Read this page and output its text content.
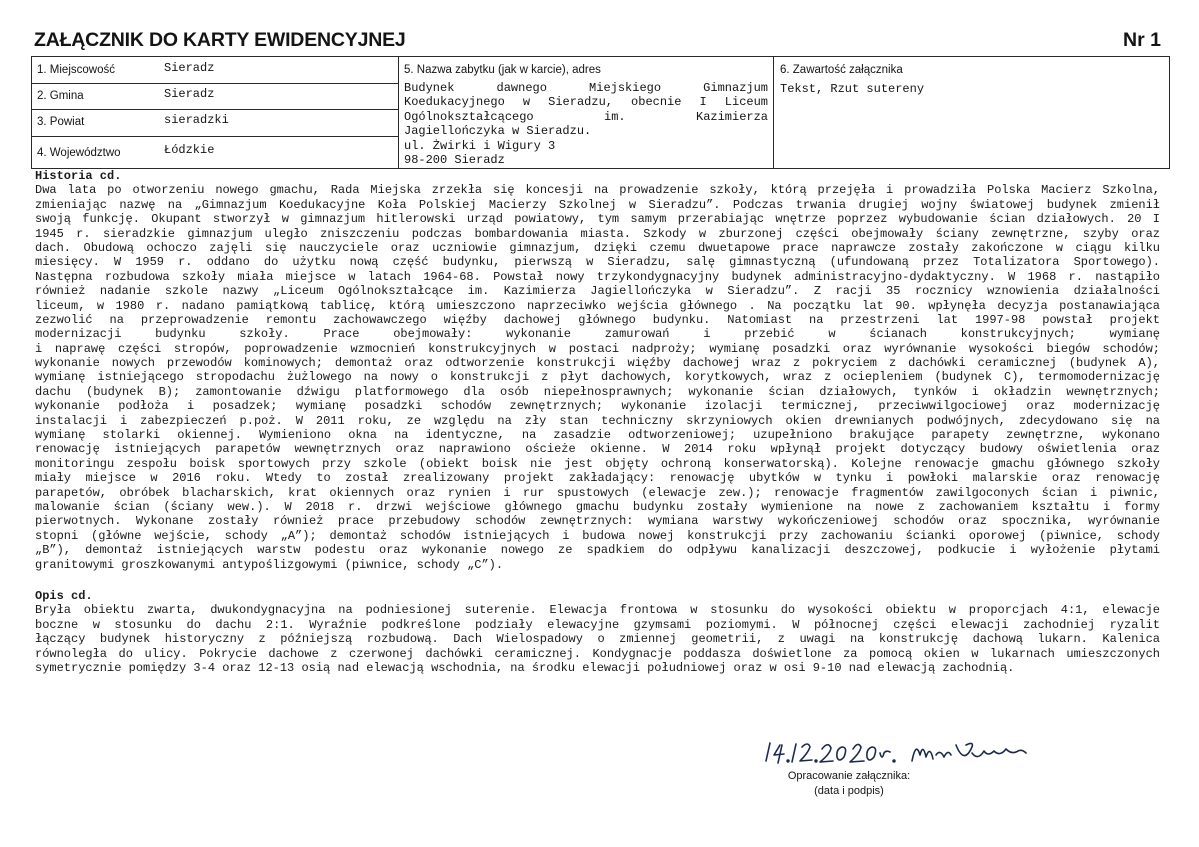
ZAŁĄCZNIK DO KARTY EWIDENCYJNEJ	Nr 1
1. Miejscowość	Sieradz
2. Gmina	Sieradz
3. Powiat	sieradzki
4. Województwo	Łódzkie
5. Nazwa zabytku (jak w karcie), adres
Budynek dawnego Miejskiego Gimnazjum
Koedukacyjnego w Sieradzu, obecnie I Liceum
Ogólnokształcącego im. Kazimierza
Jagiellończyka w Sieradzu.
ul. Żwirki i Wigury 3
98-200 Sieradz
6. Zawartość załącznika
Tekst, Rzut sutereny
Historia cd.
Dwa lata po otworzeniu nowego gmachu, Rada Miejska zrzekła się koncesji na prowadzenie szkoły, którą przejęła i prowadziła Polska Macierz Szkolna,
zmieniając nazwę na „Gimnazjum Koedukacyjne Koła Polskiej Macierzy Szkolnej w Sieradzu”. Podczas trwania drugiej wojny światowej budynek zmienił
swoją funkcję. Okupant stworzył w gimnazjum hitlerowski urząd powiatowy, tym samym przerabiając wnętrze poprzez wybudowanie ścian działowych. 20 I
1945 r. sieradzkie gimnazjum uległo zniszczeniu podczas bombardowania miasta. Szkody w zburzonej części obejmowały ściany zewnętrzne, szyby oraz
dach. Obudową ochoczo zajęli się nauczyciele oraz uczniowie gimnazjum, dzięki czemu dwuetapowe prace naprawcze zostały zakończone w ciągu kilku
miesięcy. W 1959 r. oddano do użytku nową część budynku, pierwszą w Sieradzu, salę gimnastyczną (ufundowaną przez Totalizatora Sportowego).
Następna rozbudowa szkoły miała miejsce w latach 1964-68. Powstał nowy trzykondygnacyjny budynek administracyjno-dydaktyczny. W 1968 r. nastąpiło
również nadanie szkole nazwy „Liceum Ogólnokształcące im. Kazimierza Jagiellończyka w Sieradzu”. Z racji 35 rocznicy wznowienia działalności
liceum, w 1980 r. nadano pamiątkową tablicę, którą umieszczono naprzeciwko wejścia głównego . Na początku lat 90. wpłynęła decyzja postanawiająca
zezwolić na przeprowadzenie remontu zachowawczego więźby dachowej głównego budynku. Natomiast na przestrzeni lat 1997-98 powstał projekt
modernizacji budynku szkoły. Prace obejmowały: wykonanie zamurowań i przebić w ścianach konstrukcyjnych; wymianę
i naprawę części stropów, poprowadzenie wzmocnień konstrukcyjnych w postaci nadproży; wymianę posadzki oraz wyrównanie wysokości biegów schodów;
wykonanie nowych przewodów kominowych; demontaż oraz odtworzenie konstrukcji więźby dachowej wraz z pokryciem z dachówki ceramicznej (budynek A),
wymianę istniejącego stropodachu żużlowego na nowy o konstrukcji z płyt dachowych, korytkowych, wraz z ociepleniem (budynek C), termomodernizację
dachu (budynek B); zamontowanie dźwigu platformowego dla osób niepełnosprawnych; wykonanie ścian działowych, tynków i okładzin wewnętrznych;
wykonanie podłoża i posadzek; wymianę posadzki schodów zewnętrznych; wykonanie izolacji termicznej, przeciwwilgociowej oraz modernizację
instalacji i zabezpieczeń p.poż. W 2011 roku, ze względu na zły stan techniczny skrzyniowych okien drewnianych podwójnych, zdecydowano się na
wymianę stolarki okiennej. Wymieniono okna na identyczne, na zasadzie odtworzeniowej; uzupełniono brakujące parapety zewnętrzne, wykonano
renowację istniejących parapetów wewnętrznych oraz naprawiono ościeże okienne. W 2014 roku wpłynął projekt dotyczący budowy oświetlenia oraz
monitoringu zespołu boisk sportowych przy szkole (obiekt boisk nie jest objęty ochroną konserwatorską). Kolejne renowacje gmachu głównego szkoły
miały miejsce w 2016 roku. Wtedy to został zrealizowany projekt zakładający: renowację ubytków w tynku i powłoki malarskie oraz renowację
parapetów, obróbek blacharskich, krat okiennych oraz rynien i rur spustowych (elewacje zew.); renowacje fragmentów zawilgoconych ścian i piwnic,
malowanie ścian (ściany wew.). W 2018 r. drzwi wejściowe głównego gmachu budynku zostały wymienione na nowe z zachowaniem kształtu i formy
pierwotnych. Wykonane zostały również prace przebudowy schodów zewnętrznych: wymiana warstwy wykończeniowej schodów oraz spocznika, wyrównanie
stopni (główne wejście, schody „A”); demontaż schodów istniejących i budowa nowej konstrukcji przy zachowaniu ścianki oporowej (piwnice, schody
„B”), demontaż istniejących warstw podestu oraz wykonanie nowego ze spadkiem do odpływu kanalizacji deszczowej, podkucie i wyłożenie płytami
granitowymi groszkowanymi antypoślizgowymi (piwnice, schody „C”).
Opis cd.
Bryła obiektu zwarta, dwukondygnacyjna na podniesionej suterenie. Elewacja frontowa w stosunku do wysokości obiektu w proporcjach 4:1, elewacje
boczne w stosunku do dachu 2:1. Wyraźnie podkreślone podziały elewacyjne gzymsami poziomymi. W północnej części elewacji zachodniej ryzalit
łączący budynek historyczny z późniejszą rozbudową. Dach Wielospadowy o zmiennej geometrii, z uwagi na konstrukcję dachową lukarn. Kalenica
równoległa do ulicy. Pokrycie dachowe z czerwonej dachówki ceramicznej. Kondygnacje poddasza doświetlone za pomocą okien w lukarnach umieszczonych
symetrycznie pomiędzy 3-4 oraz 12-13 osią nad elewacją wschodnia, na środku elewacji południowej oraz w osi 9-10 nad elewacją zachodnią.
Opracowanie załącznika:
(data i podpis)
